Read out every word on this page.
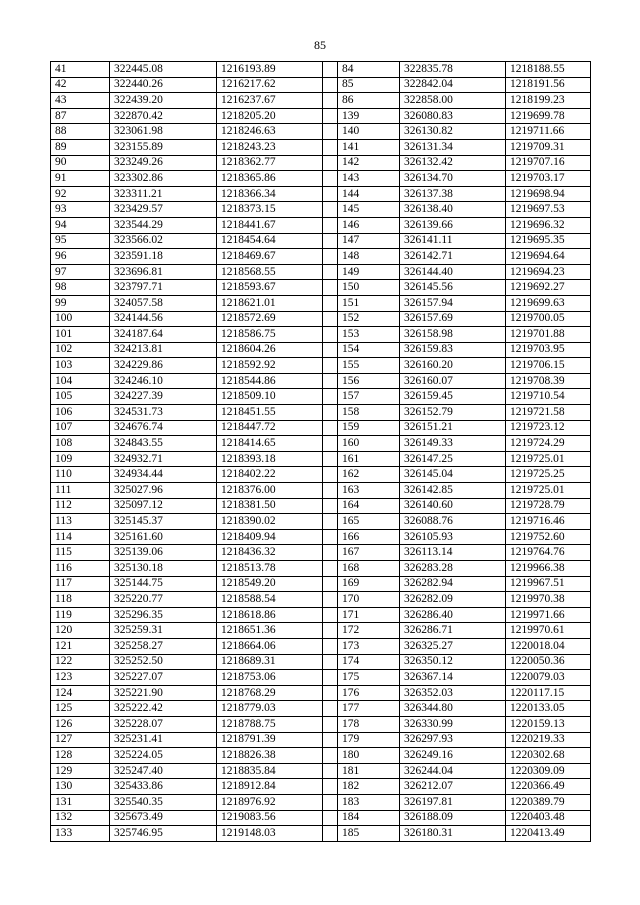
85
41	322445.08	1216193.89		84	322835.78	1218188.55
42	322440.26	1216217.62		85	322842.04	1218191.56
43	322439.20	1216237.67		86	322858.00	1218199.23
87	322870.42	1218205.20		139	326080.83	1219699.78
88	323061.98	1218246.63		140	326130.82	1219711.66
89	323155.89	1218243.23		141	326131.34	1219709.31
90	323249.26	1218362.77		142	326132.42	1219707.16
91	323302.86	1218365.86		143	326134.70	1219703.17
92	323311.21	1218366.34		144	326137.38	1219698.94
93	323429.57	1218373.15		145	326138.40	1219697.53
94	323544.29	1218441.67		146	326139.66	1219696.32
95	323566.02	1218454.64		147	326141.11	1219695.35
96	323591.18	1218469.67		148	326142.71	1219694.64
97	323696.81	1218568.55		149	326144.40	1219694.23
98	323797.71	1218593.67		150	326145.56	1219692.27
99	324057.58	1218621.01		151	326157.94	1219699.63
100	324144.56	1218572.69		152	326157.69	1219700.05
101	324187.64	1218586.75		153	326158.98	1219701.88
102	324213.81	1218604.26		154	326159.83	1219703.95
103	324229.86	1218592.92		155	326160.20	1219706.15
104	324246.10	1218544.86		156	326160.07	1219708.39
105	324227.39	1218509.10		157	326159.45	1219710.54
106	324531.73	1218451.55		158	326152.79	1219721.58
107	324676.74	1218447.72		159	326151.21	1219723.12
108	324843.55	1218414.65		160	326149.33	1219724.29
109	324932.71	1218393.18		161	326147.25	1219725.01
110	324934.44	1218402.22		162	326145.04	1219725.25
111	325027.96	1218376.00		163	326142.85	1219725.01
112	325097.12	1218381.50		164	326140.60	1219728.79
113	325145.37	1218390.02		165	326088.76	1219716.46
114	325161.60	1218409.94		166	326105.93	1219752.60
115	325139.06	1218436.32		167	326113.14	1219764.76
116	325130.18	1218513.78		168	326283.28	1219966.38
117	325144.75	1218549.20		169	326282.94	1219967.51
118	325220.77	1218588.54		170	326282.09	1219970.38
119	325296.35	1218618.86		171	326286.40	1219971.66
120	325259.31	1218651.36		172	326286.71	1219970.61
121	325258.27	1218664.06		173	326325.27	1220018.04
122	325252.50	1218689.31		174	326350.12	1220050.36
123	325227.07	1218753.06		175	326367.14	1220079.03
124	325221.90	1218768.29		176	326352.03	1220117.15
125	325222.42	1218779.03		177	326344.80	1220133.05
126	325228.07	1218788.75		178	326330.99	1220159.13
127	325231.41	1218791.39		179	326297.93	1220219.33
128	325224.05	1218826.38		180	326249.16	1220302.68
129	325247.40	1218835.84		181	326244.04	1220309.09
130	325433.86	1218912.84		182	326212.07	1220366.49
131	325540.35	1218976.92		183	326197.81	1220389.79
132	325673.49	1219083.56		184	326188.09	1220403.48
133	325746.95	1219148.03		185	326180.31	1220413.49
